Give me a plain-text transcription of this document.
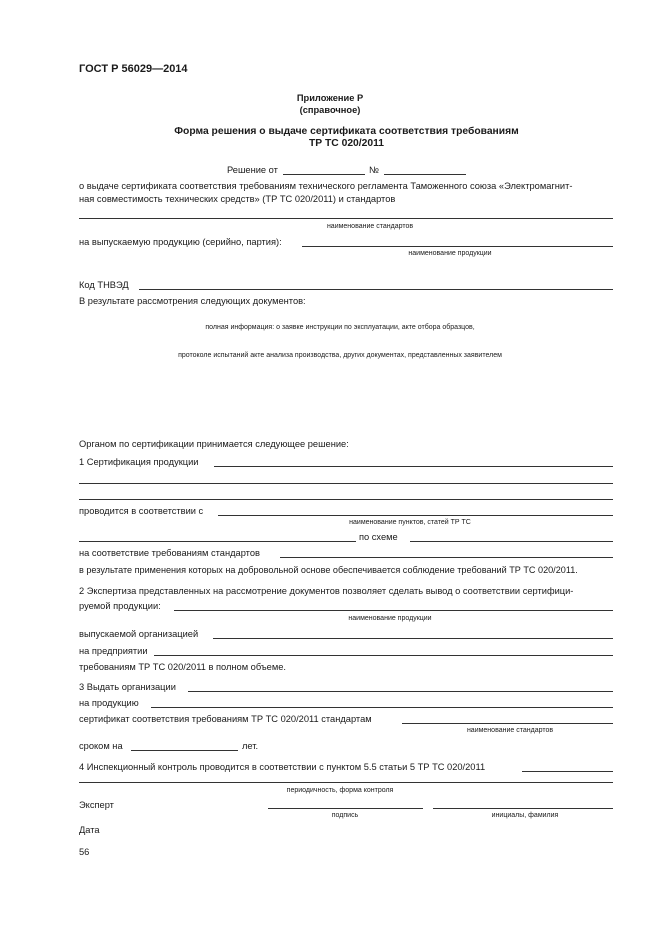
ГОСТ Р 56029—2014
Приложение Р
(справочное)
Форма решения о выдаче сертификата соответствия требованиям
ТР ТС 020/2011
Решение от	№
о выдаче сертификата соответствия требованиям технического регламента Таможенного союза «Электромагнит-
ная совместимость технических средств» (ТР ТС 020/2011) и стандартов
наименование стандартов
на выпускаемую продукцию (серийно, партия):
наименование продукции
Код ТНВЭД
В результате рассмотрения следующих документов:
полная информация: о заявке инструкции по эксплуатации, акте отбора образцов,
протоколе испытаний акте анализа производства, других документах, представленных заявителем
Органом по сертификации принимается следующее решение:
1 Сертификация продукции
проводится в соответствии с
наименование пунктов, статей ТР ТС
по схеме
на соответствие требованиям стандартов
в результате применения которых на добровольной основе обеспечивается соблюдение требований ТР ТС 020/2011.
2 Экспертиза представленных на рассмотрение документов позволяет сделать вывод о соответствии сертифици-
руемой продукции:
наименование продукции
выпускаемой организацией
на предприятии
требованиям ТР ТС 020/2011 в полном объеме.
3 Выдать организации
на продукцию
сертификат соответствия требованиям ТР ТС 020/2011 стандартам
наименование стандартов
сроком на	лет.
4 Инспекционный контроль проводится в соответствии с пунктом 5.5 статьи 5 ТР ТС 020/2011
периодичность, форма контроля
Эксперт
подпись	инициалы, фамилия
Дата
56
